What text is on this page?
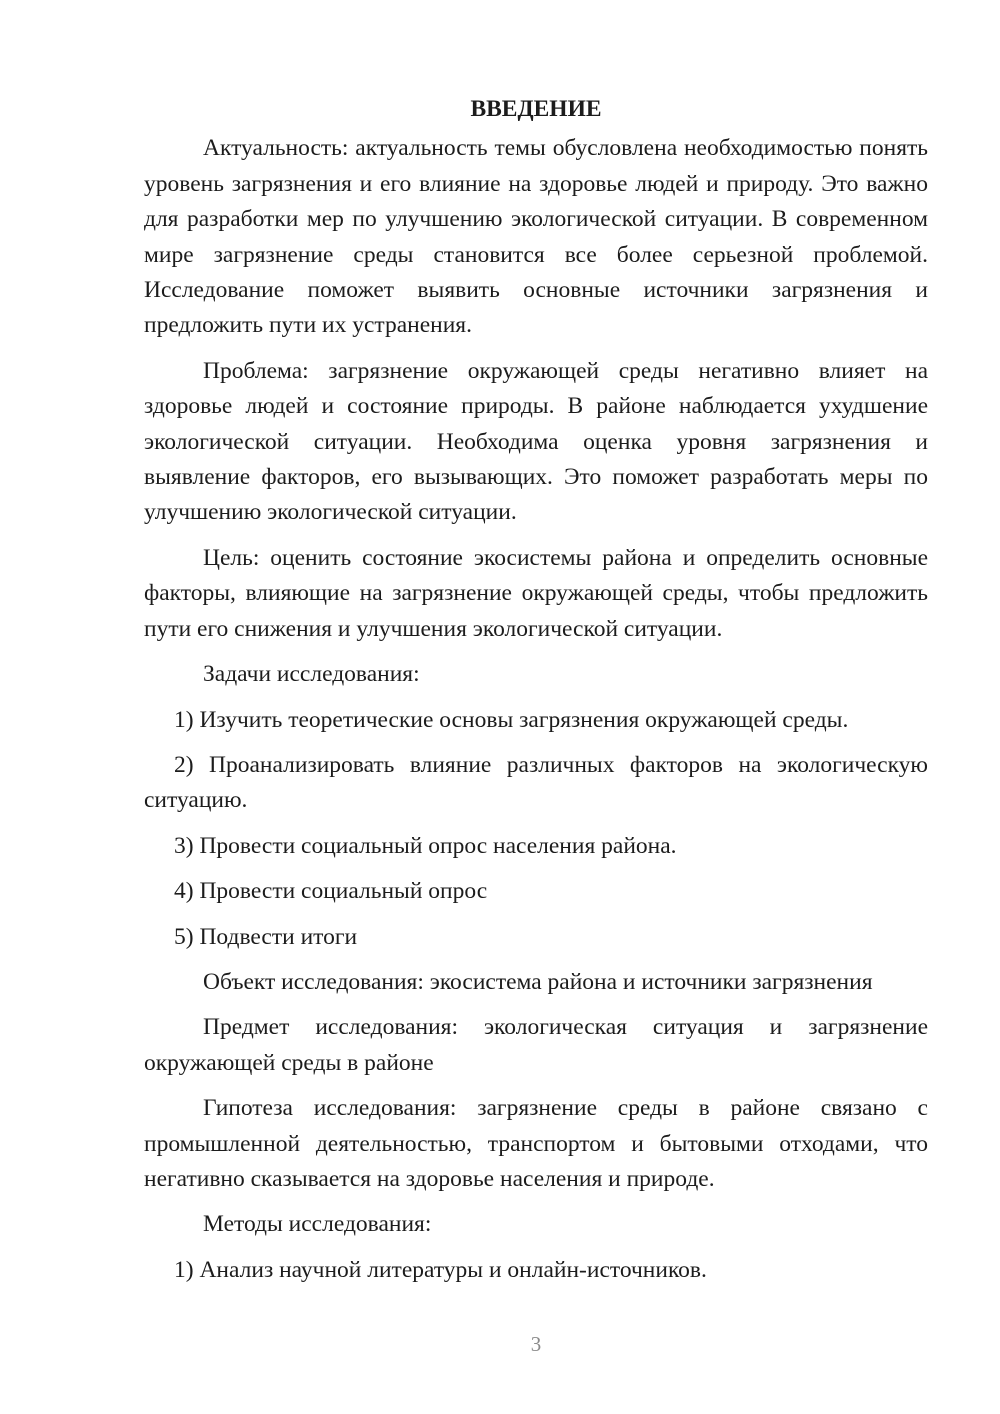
ВВЕДЕНИЕ

Актуальность: актуальность темы обусловлена необходимостью понять уровень загрязнения и его влияние на здоровье людей и природу. Это важно для разработки мер по улучшению экологической ситуации. В современном мире загрязнение среды становится все более серьезной проблемой. Исследование поможет выявить основные источники загрязнения и предложить пути их устранения.

Проблема: загрязнение окружающей среды негативно влияет на здоровье людей и состояние природы. В районе наблюдается ухудшение экологической ситуации. Необходима оценка уровня загрязнения и выявление факторов, его вызывающих. Это поможет разработать меры по улучшению экологической ситуации.

Цель: оценить состояние экосистемы района и определить основные факторы, влияющие на загрязнение окружающей среды, чтобы предложить пути его снижения и улучшения экологической ситуации.

Задачи исследования:

1) Изучить теоретические основы загрязнения окружающей среды.

2) Проанализировать влияние различных факторов на экологическую ситуацию.

3) Провести социальный опрос населения района.

4) Провести социальный опрос

5) Подвести итоги

Объект исследования: экосистема района и источники загрязнения

Предмет исследования: экологическая ситуация и загрязнение окружающей среды в районе

Гипотеза исследования: загрязнение среды в районе связано с промышленной деятельностью, транспортом и бытовыми отходами, что негативно сказывается на здоровье населения и природе.

Методы исследования:

1) Анализ научной литературы и онлайн-источников.

3
